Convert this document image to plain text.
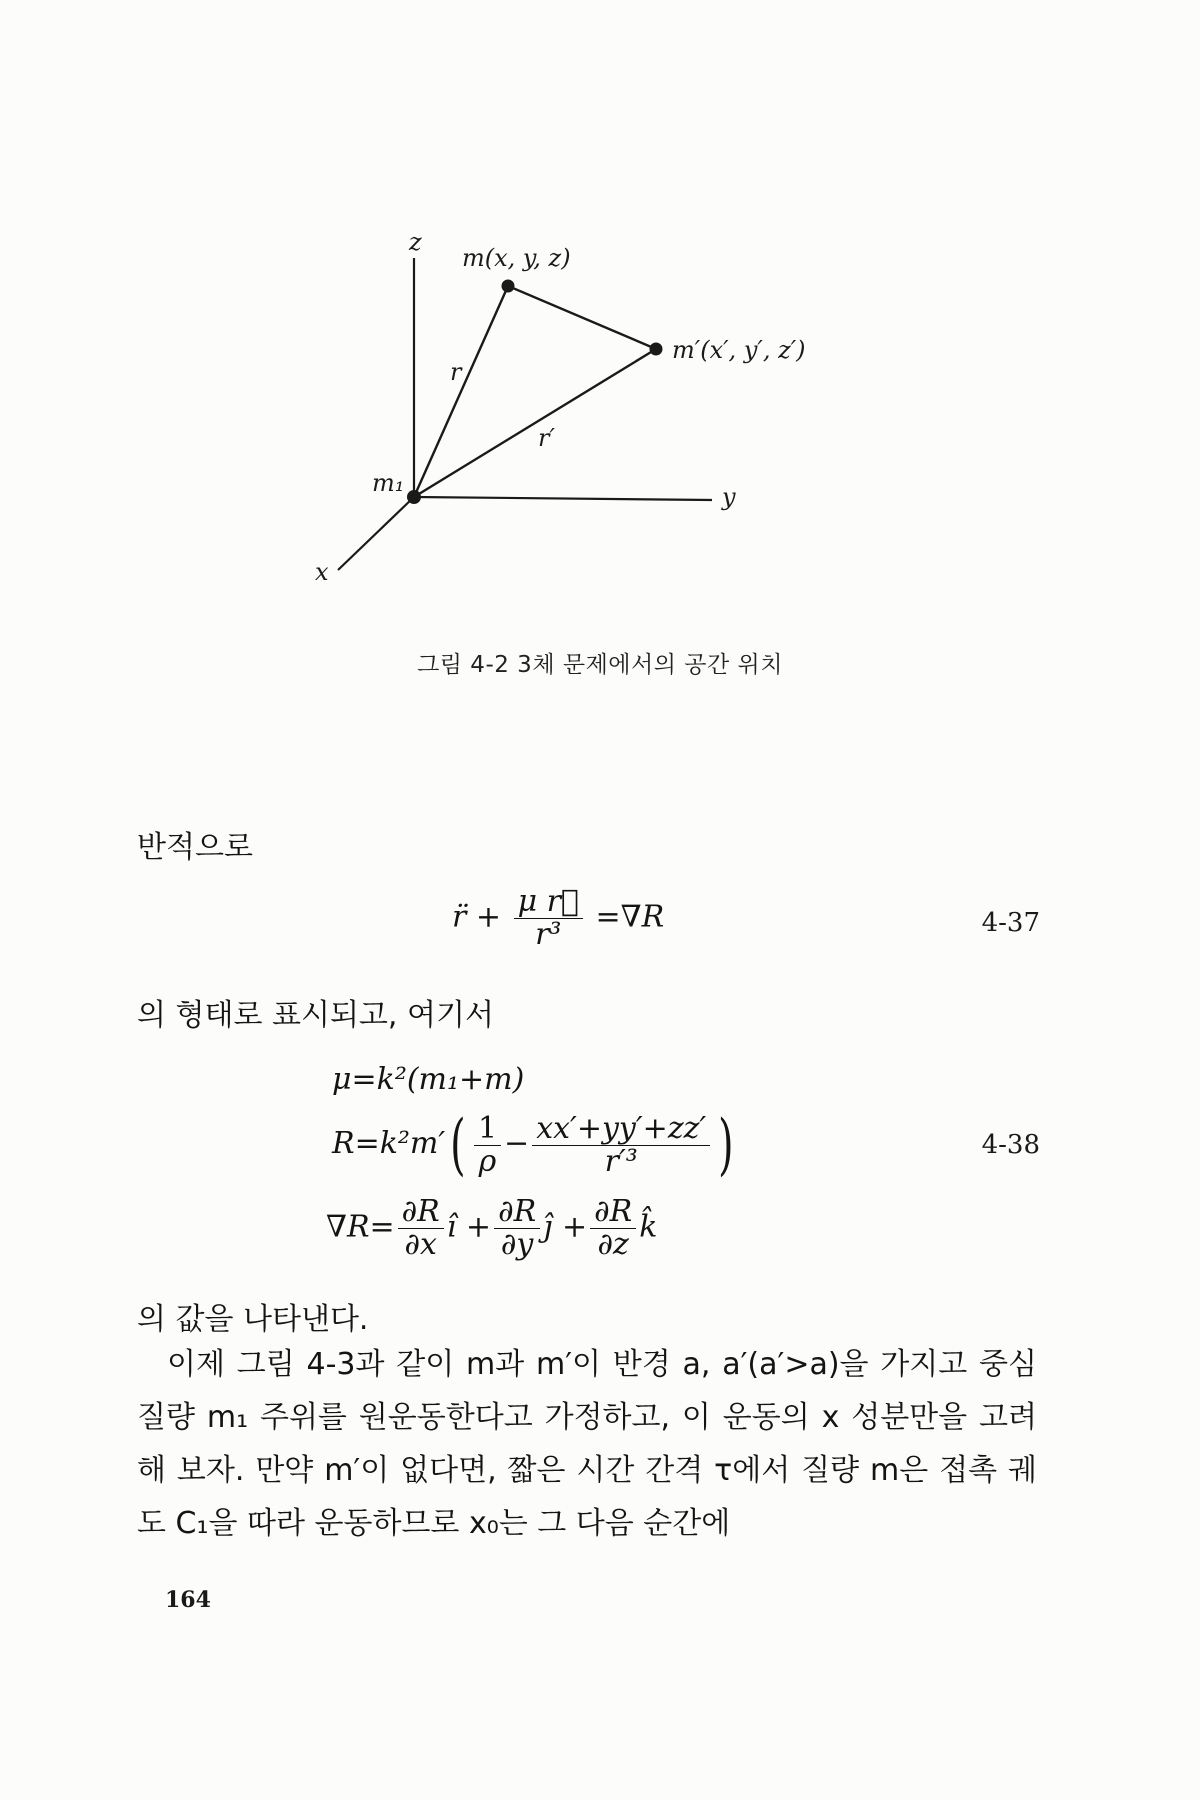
z
y
x
m₁
m(x, y, z)
m′(x′, y′, z′)
r
r′
그림 4-2 3체 문제에서의 공간 위치
반적으로
r̈ + $\frac{\text{μ r⃗}}{\text{r³}} =\nabla R$	4-37
의 형태로 표시되고, 여기서
μ=k²(m₁+m)
$R=k^2m'( \frac{1}{\rho} - \frac{xx'+yy'+zz'}{\text{r′³}}$ )	4-38
$\nabla R= \frac{\partial R}{\partial x}$ î + $\frac{\partial R}{\partial y}$ ĵ + $\frac{\partial R}{\partial z}$ k̂
의 값을 나타낸다.
이제 그림 4-3과 같이 m과 m′이 반경 a, a′(a′>a)을 가지고 중심 질량 m₁ 주위를 원운동한다고 가정하고, 이 운동의 x 성분만을 고려해 보자. 만약 m′이 없다면, 짧은 시간 간격 τ에서 질량 m은 접촉 궤도 C₁을 따라 운동하므로 x₀는 그 다음 순간에
164
